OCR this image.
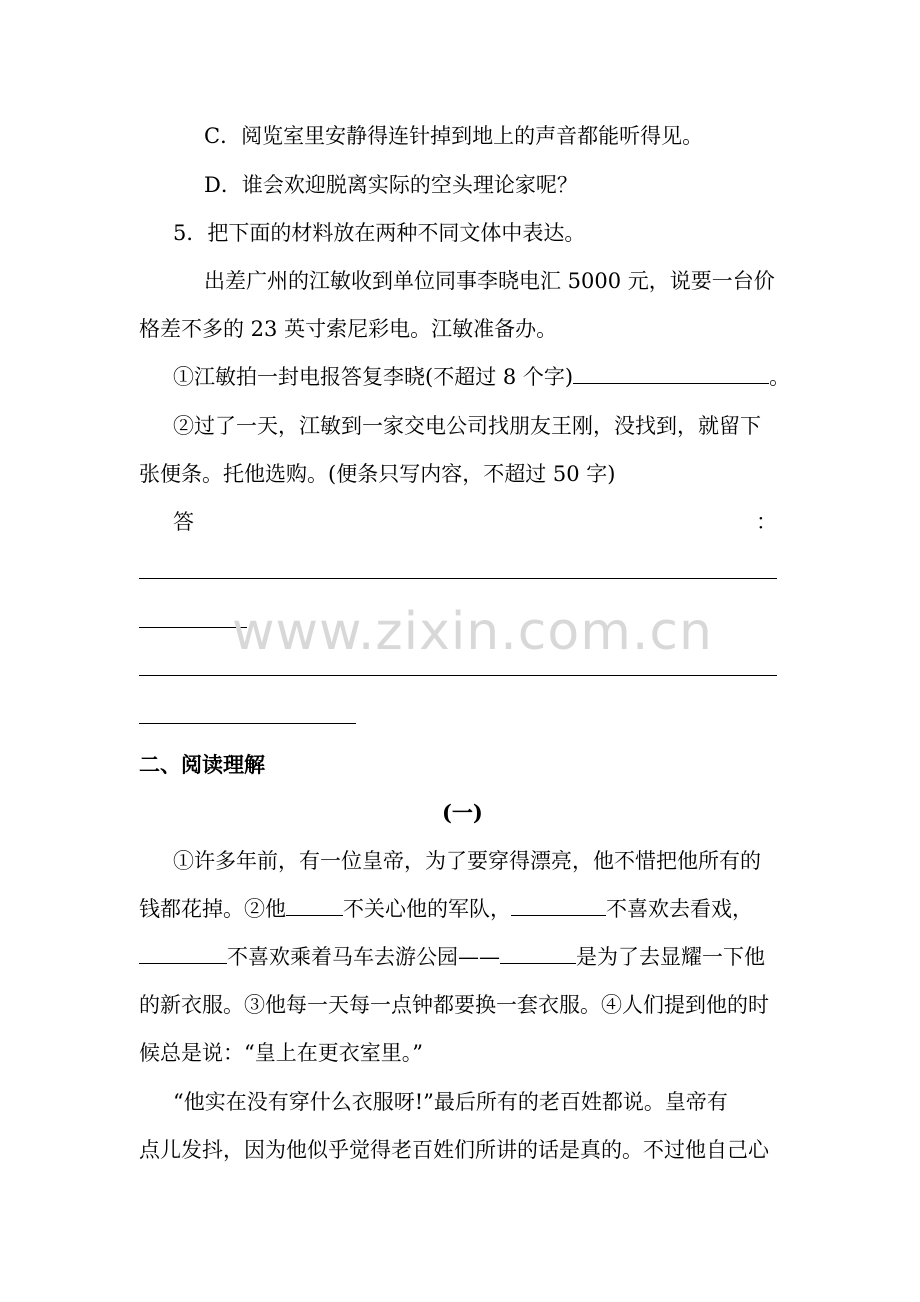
C．阅览室里安静得连针掉到地上的声音都能听得见。
D．谁会欢迎脱离实际的空头理论家呢？
5．把下面的材料放在两种不同文体中表达。
出差广州的江敏收到单位同事李晓电汇 5000 元，说要一台价
格差不多的 23 英寸索尼彩电。江敏准备办。
①江敏拍一封电报答复李晓(不超过 8 个字)	。
②过了一天，江敏到一家交电公司找朋友王刚，没找到，就留下
张便条。托他选购。(便条只写内容，不超过 50 字)
答	：
www.zixin.com.cn
二、阅读理解
(一)
①许多年前，有一位皇帝，为了要穿得漂亮，他不惜把他所有的
钱都花掉。②他	不关心他的军队，	不喜欢去看戏，
不喜欢乘着马车去游公园——	是为了去显耀一下他
的新衣服。③他每一天每一点钟都要换一套衣服。④人们提到他的时
候总是说：“皇上在更衣室里。”
“他实在没有穿什么衣服呀!”最后所有的老百姓都说。皇帝有
点儿发抖，因为他似乎觉得老百姓们所讲的话是真的。不过他自己心
